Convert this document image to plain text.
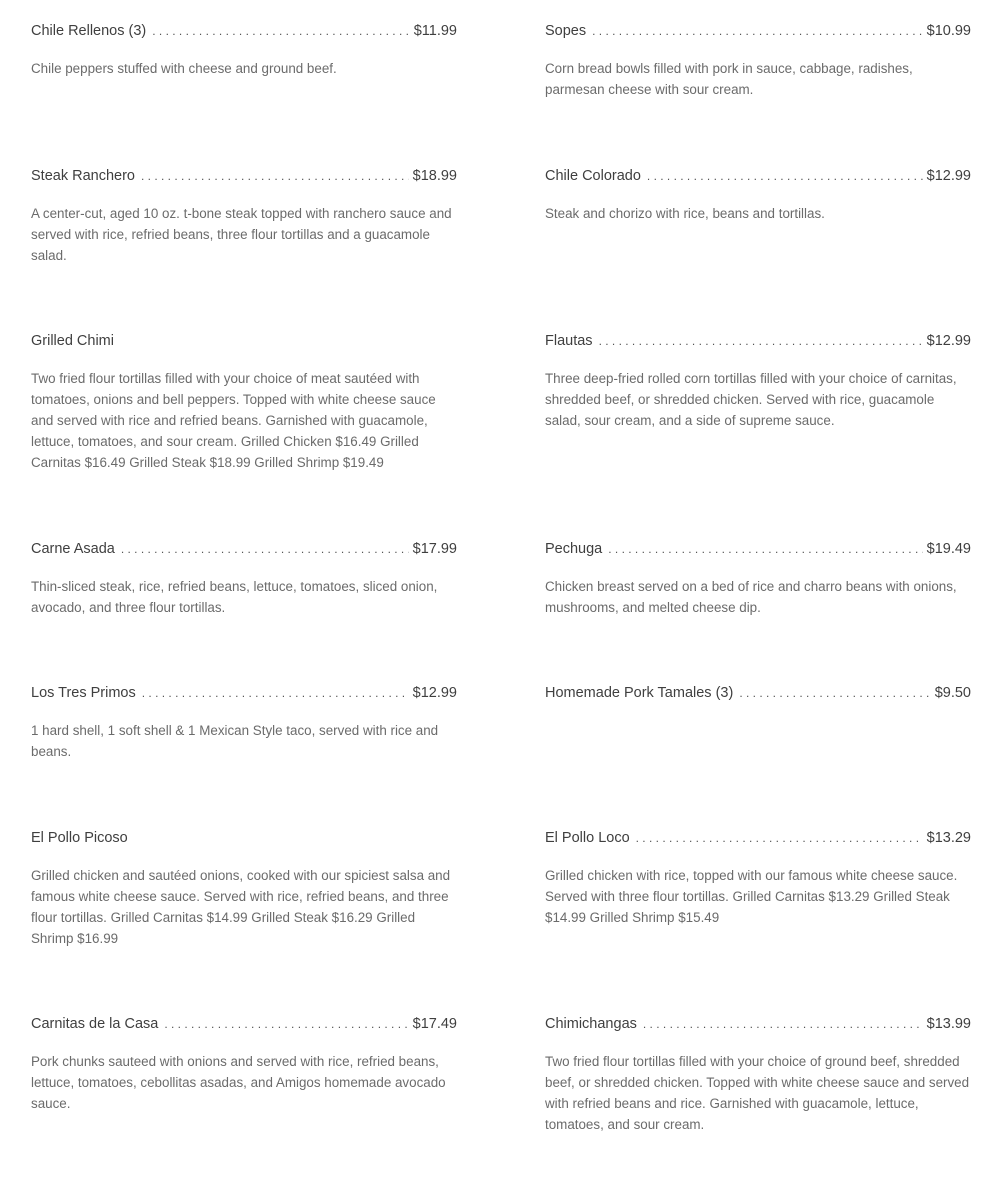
Chile Rellenos (3) . . .	$11.99
Chile peppers stuffed with cheese and ground beef.
Steak Ranchero . . .	$18.99
A center-cut, aged 10 oz. t-bone steak topped with ranchero sauce and served with rice, refried beans, three flour tortillas and a guacamole salad.
Grilled Chimi
Two fried flour tortillas filled with your choice of meat sautéed with tomatoes, onions and bell peppers. Topped with white cheese sauce and served with rice and refried beans. Garnished with guacamole, lettuce, tomatoes, and sour cream. Grilled Chicken $16.49 Grilled Carnitas $16.49 Grilled Steak $18.99 Grilled Shrimp $19.49
Carne Asada . . .	$17.99
Thin-sliced steak, rice, refried beans, lettuce, tomatoes, sliced onion, avocado, and three flour tortillas.
Los Tres Primos . . .	$12.99
1 hard shell, 1 soft shell & 1 Mexican Style taco, served with rice and beans.
El Pollo Picoso
Grilled chicken and sautéed onions, cooked with our spiciest salsa and famous white cheese sauce. Served with rice, refried beans, and three flour tortillas. Grilled Carnitas $14.99 Grilled Steak $16.29 Grilled Shrimp $16.99
Carnitas de la Casa . . .	$17.49
Pork chunks sauteed with onions and served with rice, refried beans, lettuce, tomatoes, cebollitas asadas, and Amigos homemade avocado sauce.
Sopes . . .	$10.99
Corn bread bowls filled with pork in sauce, cabbage, radishes, parmesan cheese with sour cream.
Chile Colorado . . .	$12.99
Steak and chorizo with rice, beans and tortillas.
Flautas . . .	$12.99
Three deep-fried rolled corn tortillas filled with your choice of carnitas, shredded beef, or shredded chicken. Served with rice, guacamole salad, sour cream, and a side of supreme sauce.
Pechuga . . .	$19.49
Chicken breast served on a bed of rice and charro beans with onions, mushrooms, and melted cheese dip.
Homemade Pork Tamales (3) . . .	$9.50
El Pollo Loco . . .	$13.29
Grilled chicken with rice, topped with our famous white cheese sauce. Served with three flour tortillas. Grilled Carnitas $13.29 Grilled Steak $14.99 Grilled Shrimp $15.49
Chimichangas . . .	$13.99
Two fried flour tortillas filled with your choice of ground beef, shredded beef, or shredded chicken. Topped with white cheese sauce and served with refried beans and rice. Garnished with guacamole, lettuce, tomatoes, and sour cream.
